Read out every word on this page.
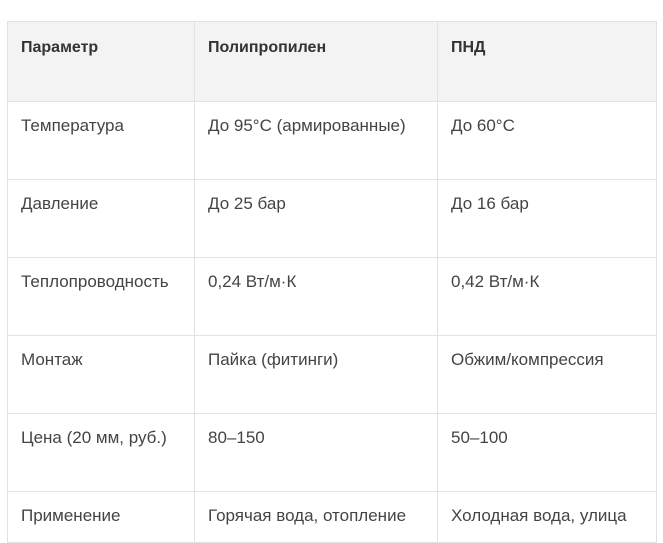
Параметр	Полипропилен	ПНД
Температура	До 95°C (армированные)	До 60°C
Давление	До 25 бар	До 16 бар
Теплопроводность	0,24 Вт/м·К	0,42 Вт/м·К
Монтаж	Пайка (фитинги)	Обжим/компрессия
Цена (20 мм, руб.)	80–150	50–100
Применение	Горячая вода, отопление	Холодная вода, улица
